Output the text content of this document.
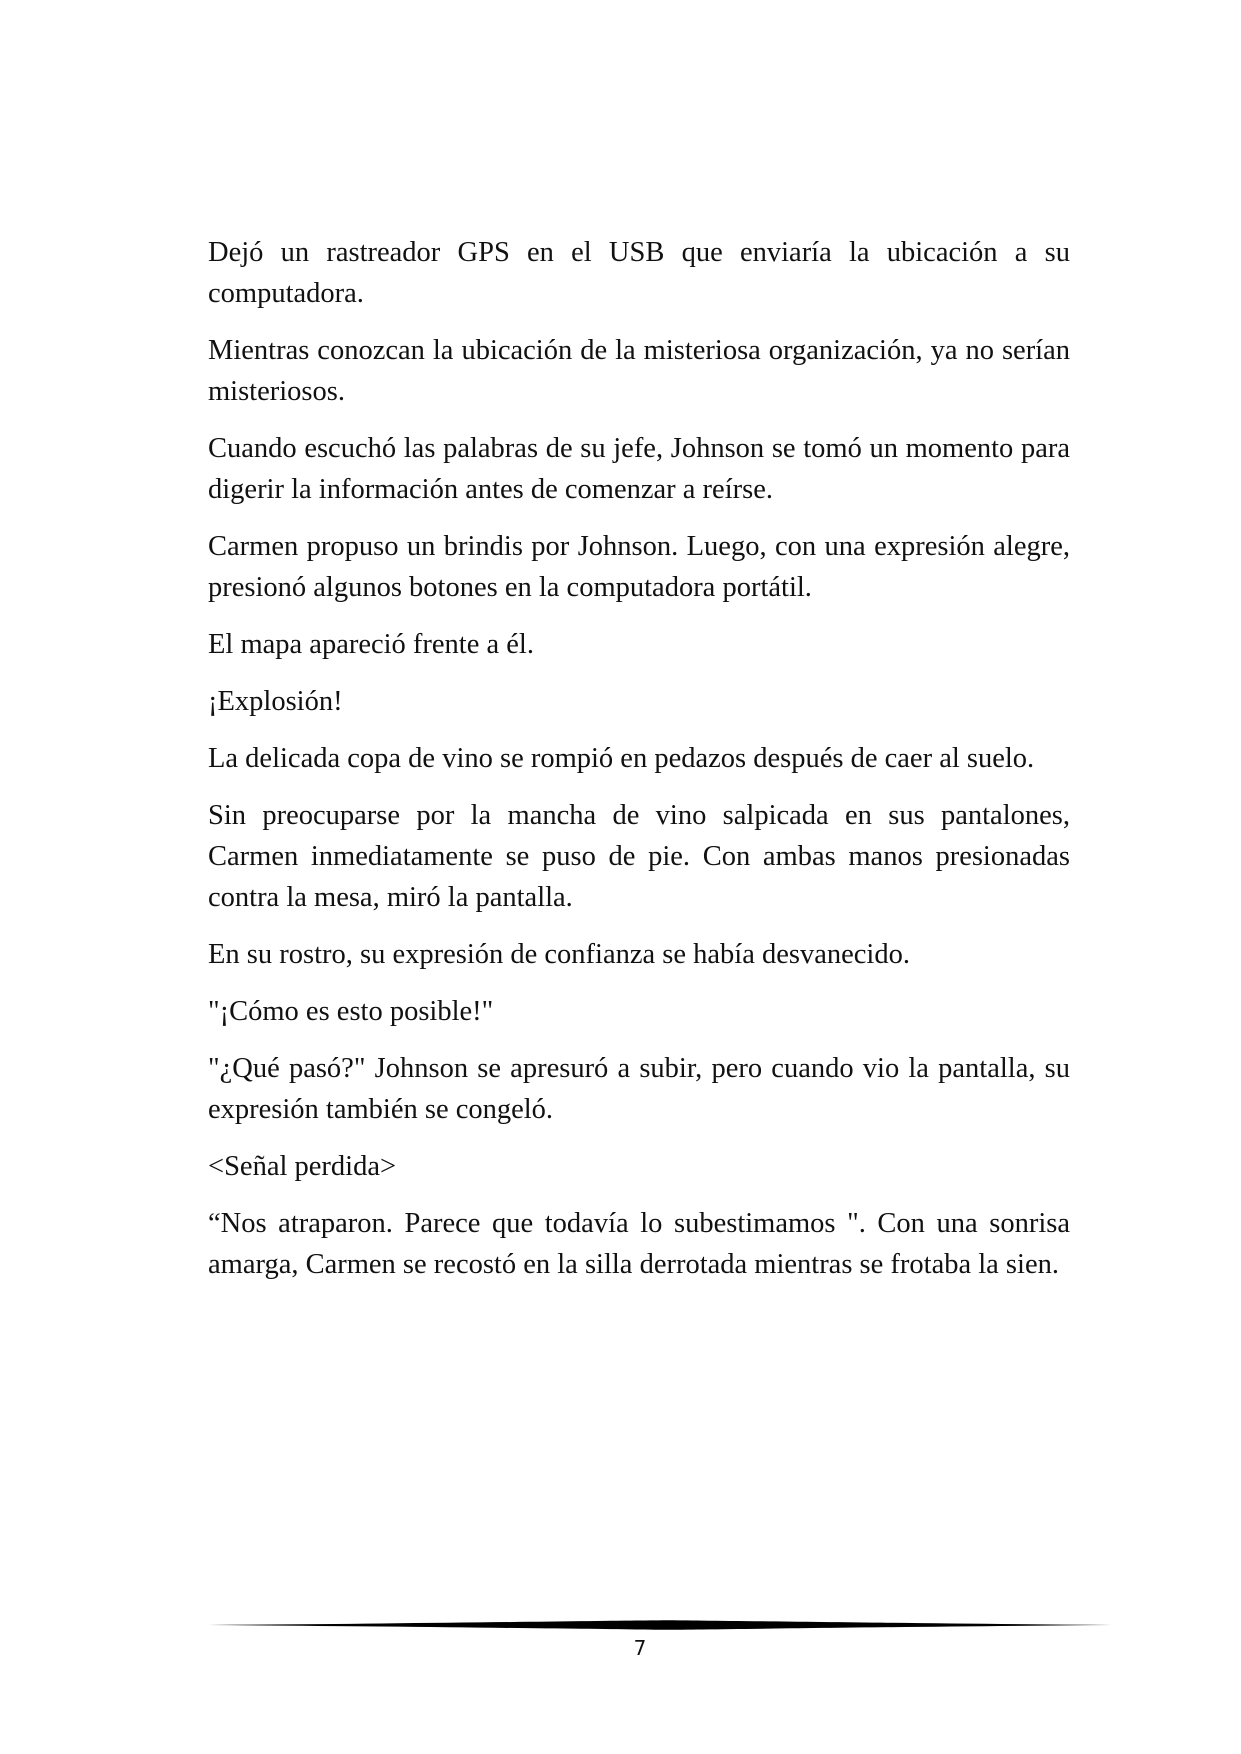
Dejó un rastreador GPS en el USB que enviaría la ubicación a su computadora.

Mientras conozcan la ubicación de la misteriosa organización, ya no serían misteriosos.

Cuando escuchó las palabras de su jefe, Johnson se tomó un momento para digerir la información antes de comenzar a reírse.

Carmen propuso un brindis por Johnson. Luego, con una expresión alegre, presionó algunos botones en la computadora portátil.

El mapa apareció frente a él.

¡Explosión!

La delicada copa de vino se rompió en pedazos después de caer al suelo.

Sin preocuparse por la mancha de vino salpicada en sus pantalones, Carmen inmediatamente se puso de pie. Con ambas manos presionadas contra la mesa, miró la pantalla.

En su rostro, su expresión de confianza se había desvanecido.

"¡Cómo es esto posible!"

"¿Qué pasó?" Johnson se apresuró a subir, pero cuando vio la pantalla, su expresión también se congeló.

<Señal perdida>

“Nos atraparon. Parece que todavía lo subestimamos ". Con una sonrisa amarga, Carmen se recostó en la silla derrotada mientras se frotaba la sien.

7
